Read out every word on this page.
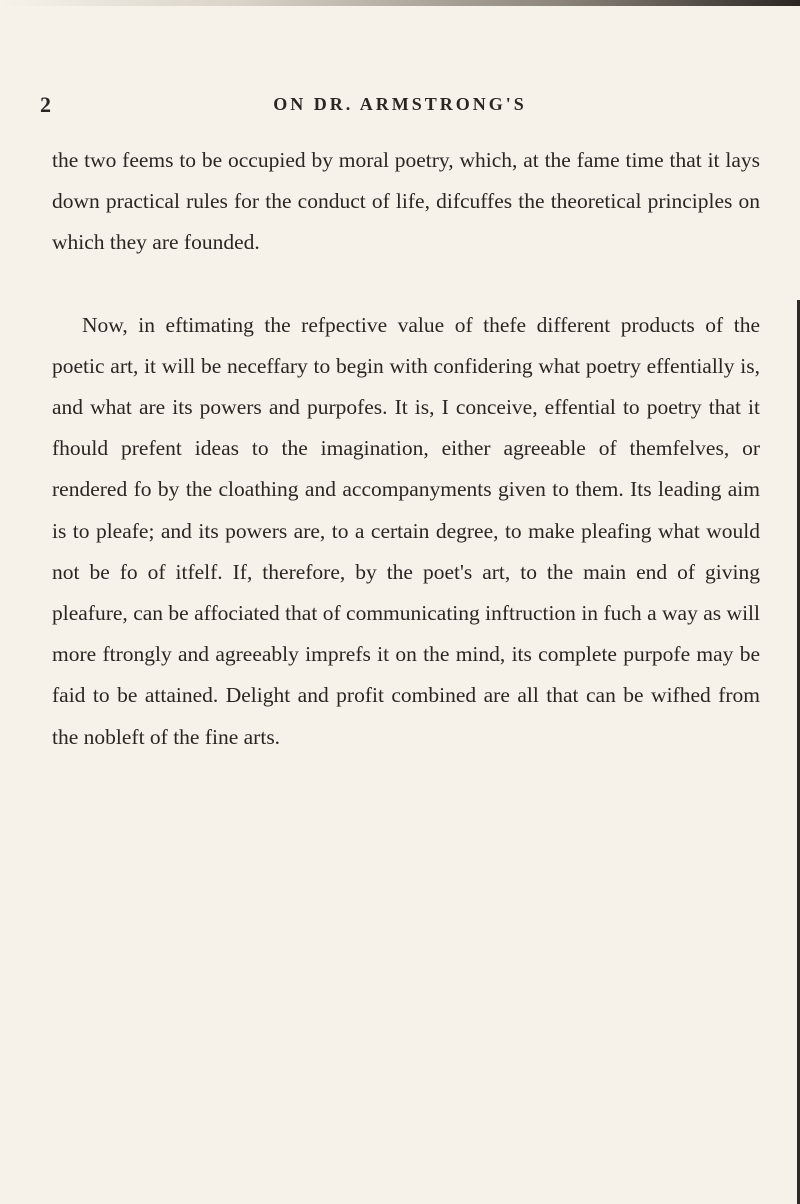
2	ON DR. ARMSTRONG'S

the two feems to be occupied by moral poetry, which, at the fame time that it lays down practical rules for the conduct of life, difcuffes the theoretical principles on which they are founded.

Now, in eftimating the refpective value of thefe different products of the poetic art, it will be neceffary to begin with confidering what poetry effentially is, and what are its powers and purpofes. It is, I conceive, effential to poetry that it fhould prefent ideas to the imagination, either agreeable of themfelves, or rendered fo by the cloathing and accompanyments given to them. Its leading aim is to pleafe; and its powers are, to a certain degree, to make pleafing what would not be fo of itfelf. If, therefore, by the poet's art, to the main end of giving pleafure, can be affociated that of communicating inftruction in fuch a way as will more ftrongly and agreeably imprefs it on the mind, its complete purpofe may be faid to be attained. Delight and profit combined are all that can be wifhed from the nobleft of the fine arts.
